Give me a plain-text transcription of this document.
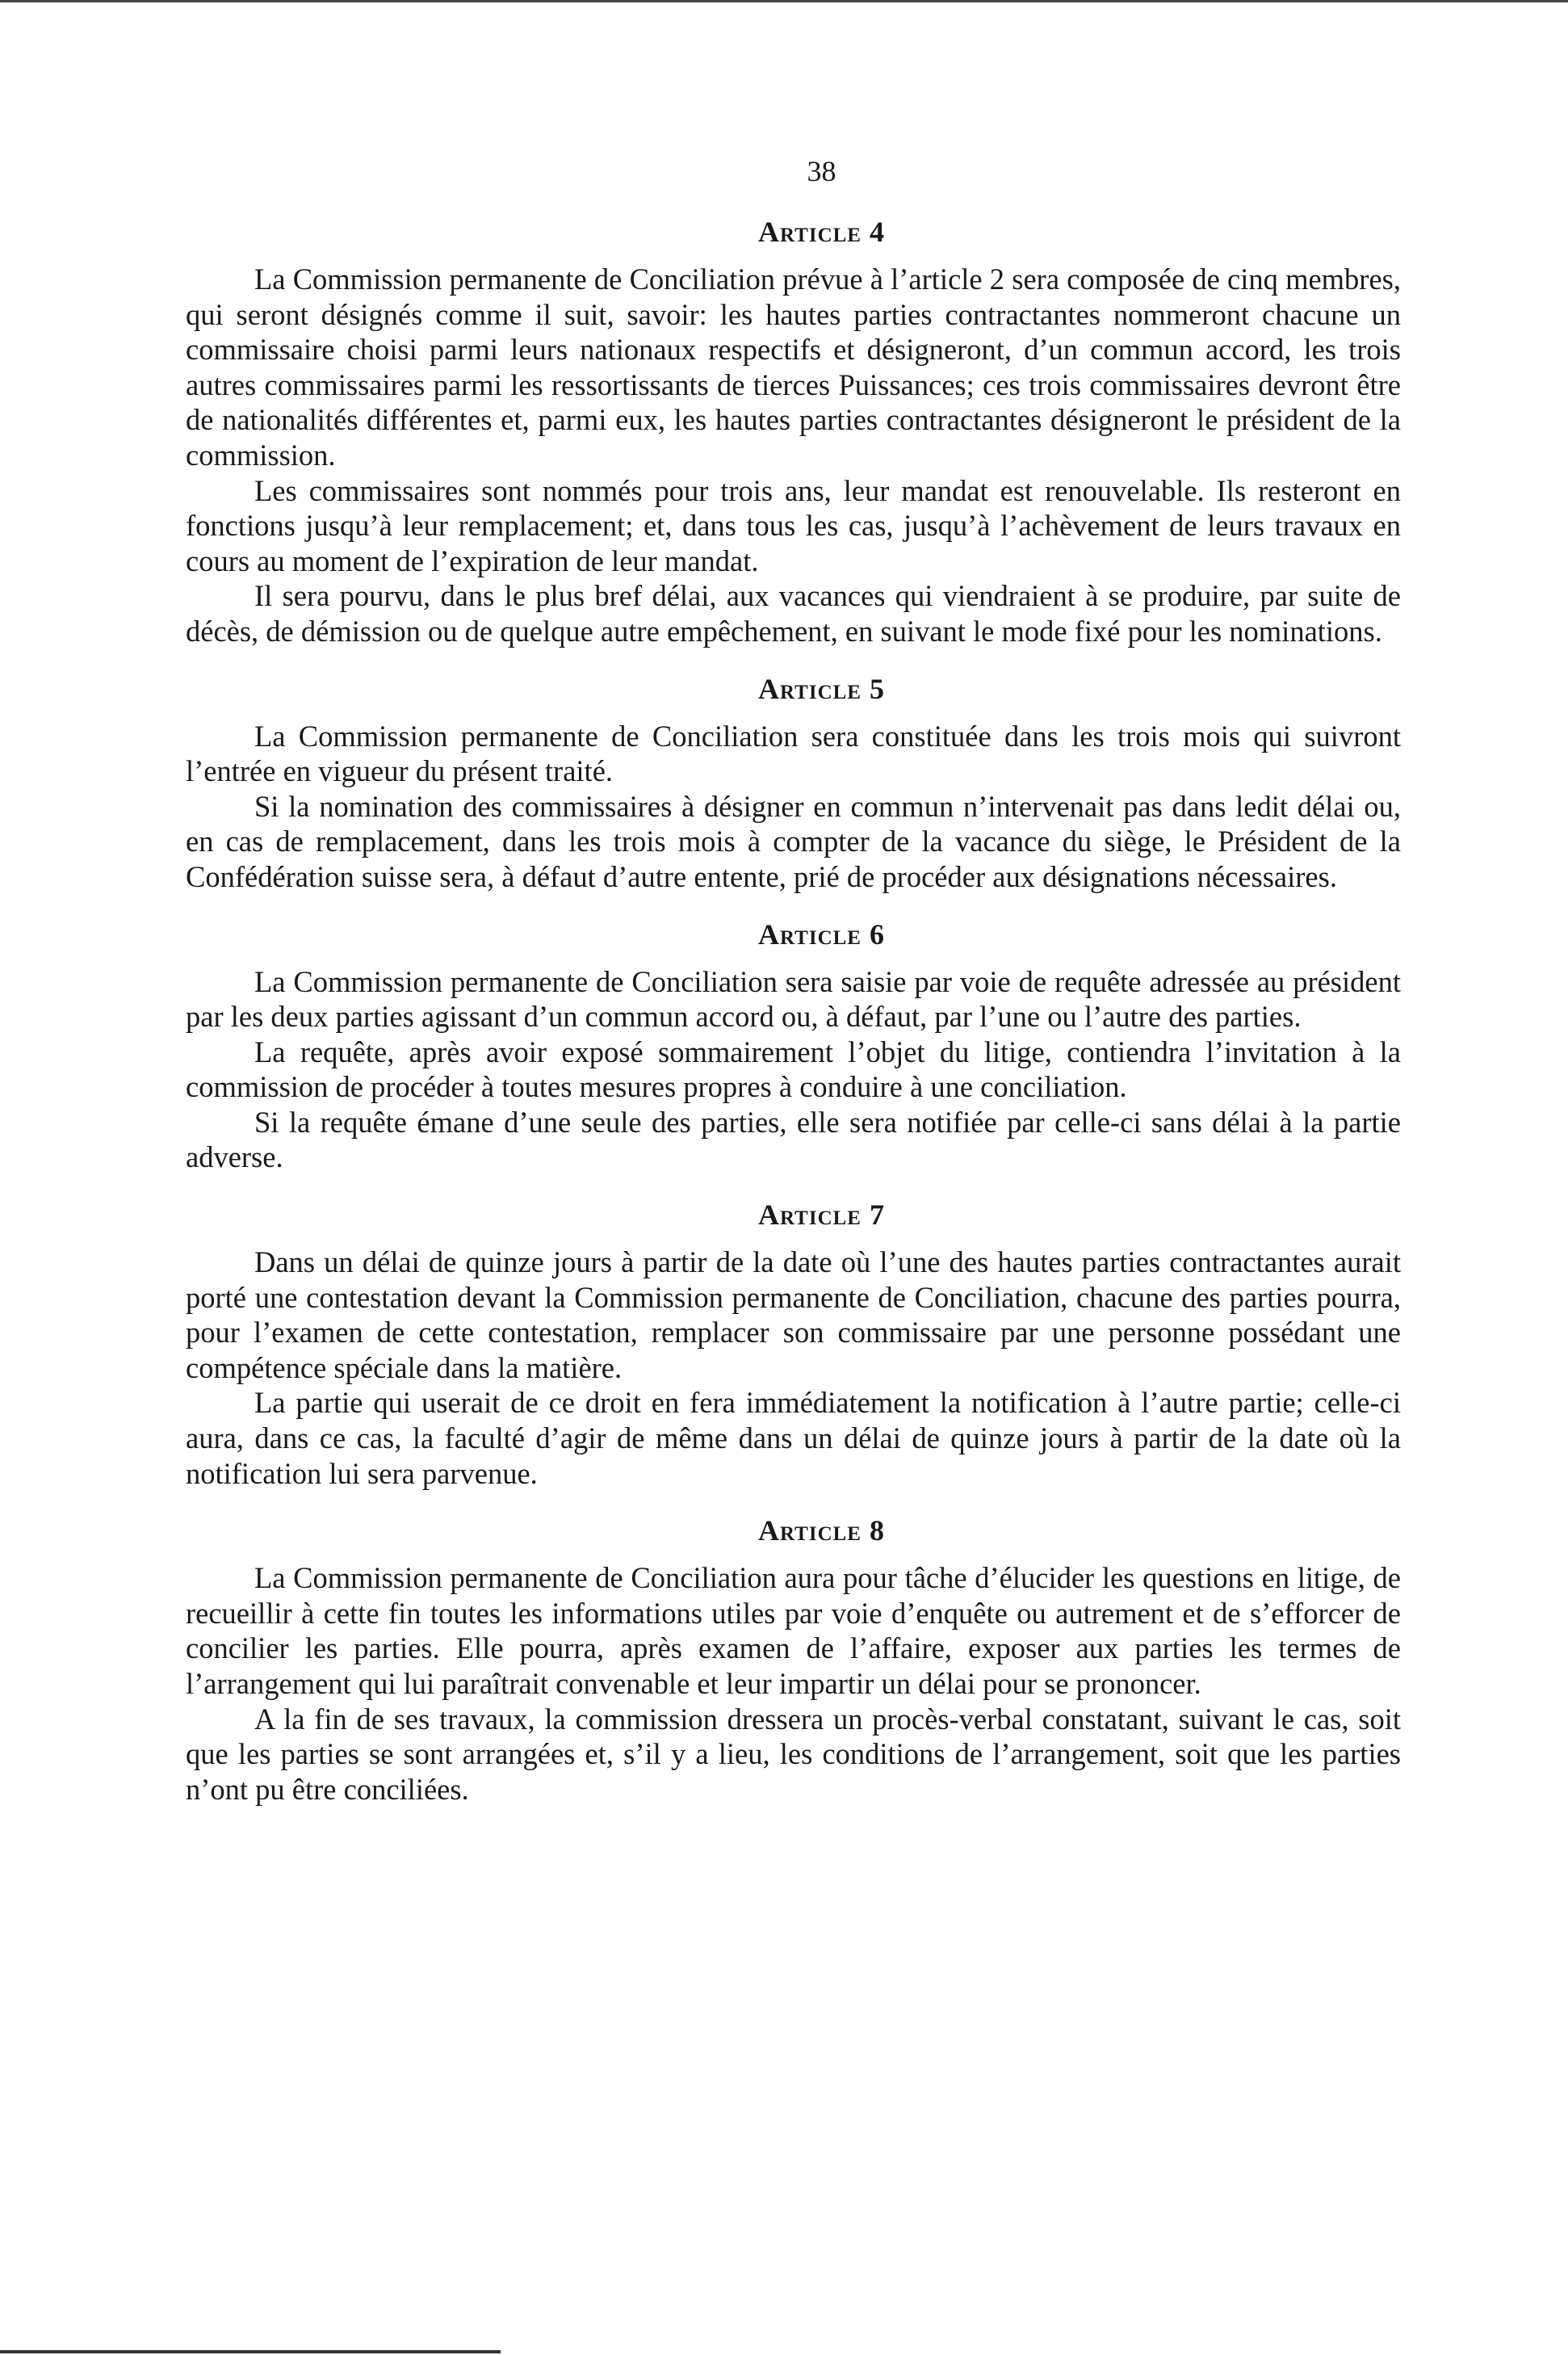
38
Article 4

La Commission permanente de Conciliation prévue à l’article 2 sera composée de cinq membres, qui seront désignés comme il suit, savoir: les hautes parties contractantes nommeront chacune un commissaire choisi parmi leurs nationaux respectifs et désigneront, d’un commun accord, les trois autres commissaires parmi les ressortissants de tierces Puissances; ces trois commissaires devront être de nationalités différentes et, parmi eux, les hautes parties contractantes désigneront le président de la commission.

Les commissaires sont nommés pour trois ans, leur mandat est renouvelable. Ils resteront en fonctions jusqu’à leur remplacement; et, dans tous les cas, jusqu’à l’achèvement de leurs travaux en cours au moment de l’expiration de leur mandat.

Il sera pourvu, dans le plus bref délai, aux vacances qui viendraient à se produire, par suite de décès, de démission ou de quelque autre empêchement, en suivant le mode fixé pour les nominations.

Article 5

La Commission permanente de Conciliation sera constituée dans les trois mois qui suivront l’entrée en vigueur du présent traité.

Si la nomination des commissaires à désigner en commun n’intervenait pas dans ledit délai ou, en cas de remplacement, dans les trois mois à compter de la vacance du siège, le Président de la Confédération suisse sera, à défaut d’autre entente, prié de procéder aux désignations nécessaires.

Article 6

La Commission permanente de Conciliation sera saisie par voie de requête adressée au président par les deux parties agissant d’un commun accord ou, à défaut, par l’une ou l’autre des parties.

La requête, après avoir exposé sommairement l’objet du litige, contiendra l’invitation à la commission de procéder à toutes mesures propres à conduire à une conciliation.

Si la requête émane d’une seule des parties, elle sera notifiée par celle-ci sans délai à la partie adverse.

Article 7

Dans un délai de quinze jours à partir de la date où l’une des hautes parties contractantes aurait porté une contestation devant la Commission permanente de Conciliation, chacune des parties pourra, pour l’examen de cette contestation, remplacer son commissaire par une personne possédant une compétence spéciale dans la matière.

La partie qui userait de ce droit en fera immédiatement la notification à l’autre partie; celle-ci aura, dans ce cas, la faculté d’agir de même dans un délai de quinze jours à partir de la date où la notification lui sera parvenue.

Article 8

La Commission permanente de Conciliation aura pour tâche d’élucider les questions en litige, de recueillir à cette fin toutes les informations utiles par voie d’enquête ou autrement et de s’efforcer de concilier les parties. Elle pourra, après examen de l’affaire, exposer aux parties les termes de l’arrangement qui lui paraîtrait convenable et leur impartir un délai pour se prononcer.

A la fin de ses travaux, la commission dressera un procès-verbal constatant, suivant le cas, soit que les parties se sont arrangées et, s’il y a lieu, les conditions de l’arrangement, soit que les parties n’ont pu être conciliées.
